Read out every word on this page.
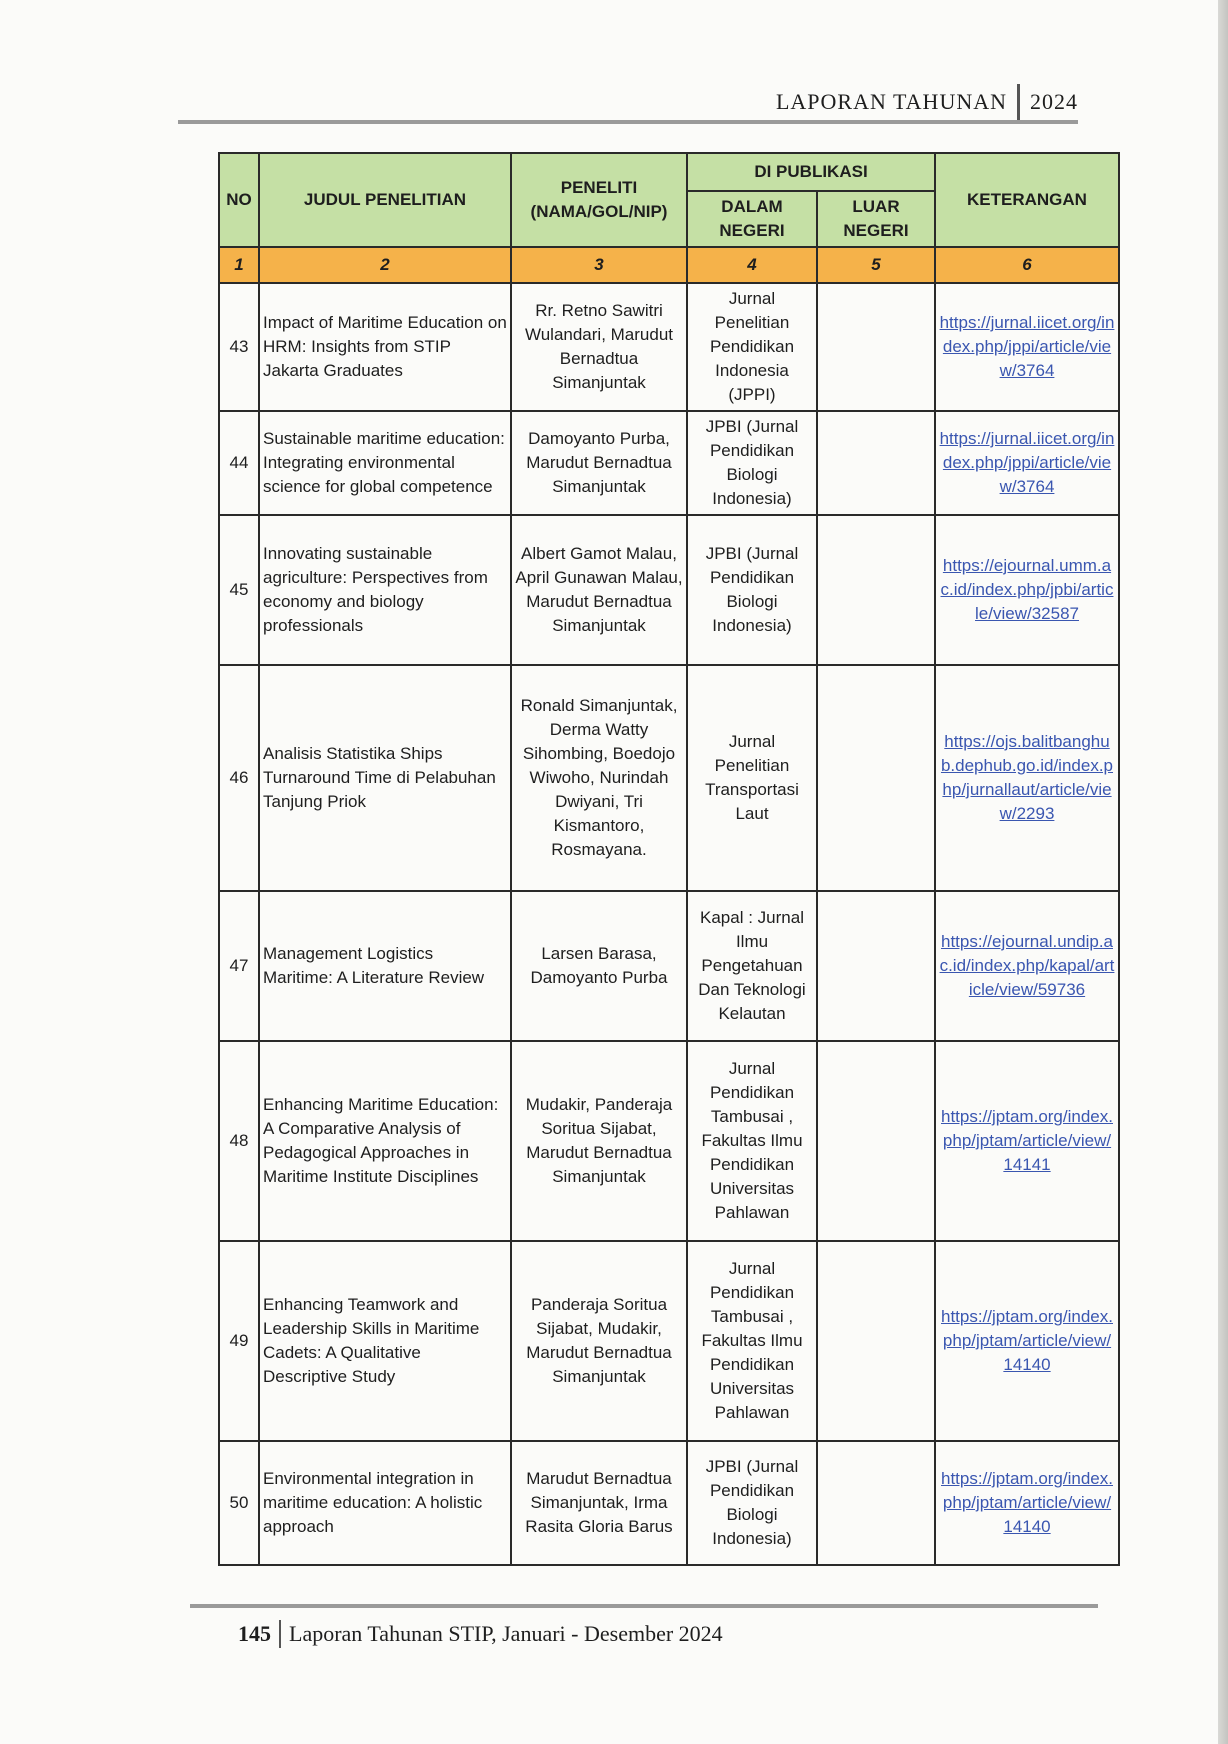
LAPORAN TAHUNAN 2024
NO	JUDUL PENELITIAN	PENELITI (NAMA/GOL/NIP)	DI PUBLIKASI		KETERANGAN
			DALAM NEGERI	LUAR NEGERI	
1	2	3	4	5	6
43	Impact of Maritime Education on HRM: Insights from STIP Jakarta Graduates	Rr. Retno Sawitri Wulandari, Marudut Bernadtua Simanjuntak	Jurnal Penelitian Pendidikan Indonesia (JPPI)		https://jurnal.iicet.org/index.php/jppi/article/view/3764
44	Sustainable maritime education: Integrating environmental science for global competence	Damoyanto Purba, Marudut Bernadtua Simanjuntak	JPBI (Jurnal Pendidikan Biologi Indonesia)		https://jurnal.iicet.org/index.php/jppi/article/view/3764
45	Innovating sustainable agriculture: Perspectives from economy and biology professionals	Albert Gamot Malau, April Gunawan Malau, Marudut Bernadtua Simanjuntak	JPBI (Jurnal Pendidikan Biologi Indonesia)		https://ejournal.umm.ac.id/index.php/jpbi/article/view/32587
46	Analisis Statistika Ships Turnaround Time di Pelabuhan Tanjung Priok	Ronald Simanjuntak, Derma Watty Sihombing, Boedojo Wiwoho, Nurindah Dwiyani, Tri Kismantoro, Rosmayana.	Jurnal Penelitian Transportasi Laut		https://ojs.balitbanghub.dephub.go.id/index.php/jurnallaut/article/view/2293
47	Management Logistics Maritime: A Literature Review	Larsen Barasa, Damoyanto Purba	Kapal : Jurnal Ilmu Pengetahuan Dan Teknologi Kelautan		https://ejournal.undip.ac.id/index.php/kapal/article/view/59736
48	Enhancing Maritime Education: A Comparative Analysis of Pedagogical Approaches in Maritime Institute Disciplines	Mudakir, Panderaja Soritua Sijabat, Marudut Bernadtua Simanjuntak	Jurnal Pendidikan Tambusai , Fakultas Ilmu Pendidikan Universitas Pahlawan		https://jptam.org/index.php/jptam/article/view/14141
49	Enhancing Teamwork and Leadership Skills in Maritime Cadets: A Qualitative Descriptive Study	Panderaja Soritua Sijabat, Mudakir, Marudut Bernadtua Simanjuntak	Jurnal Pendidikan Tambusai , Fakultas Ilmu Pendidikan Universitas Pahlawan		https://jptam.org/index.php/jptam/article/view/14140
50	Environmental integration in maritime education: A holistic approach	Marudut Bernadtua Simanjuntak, Irma Rasita Gloria Barus	JPBI (Jurnal Pendidikan Biologi Indonesia)		https://jptam.org/index.php/jptam/article/view/14140
145 Laporan Tahunan STIP, Januari - Desember 2024
